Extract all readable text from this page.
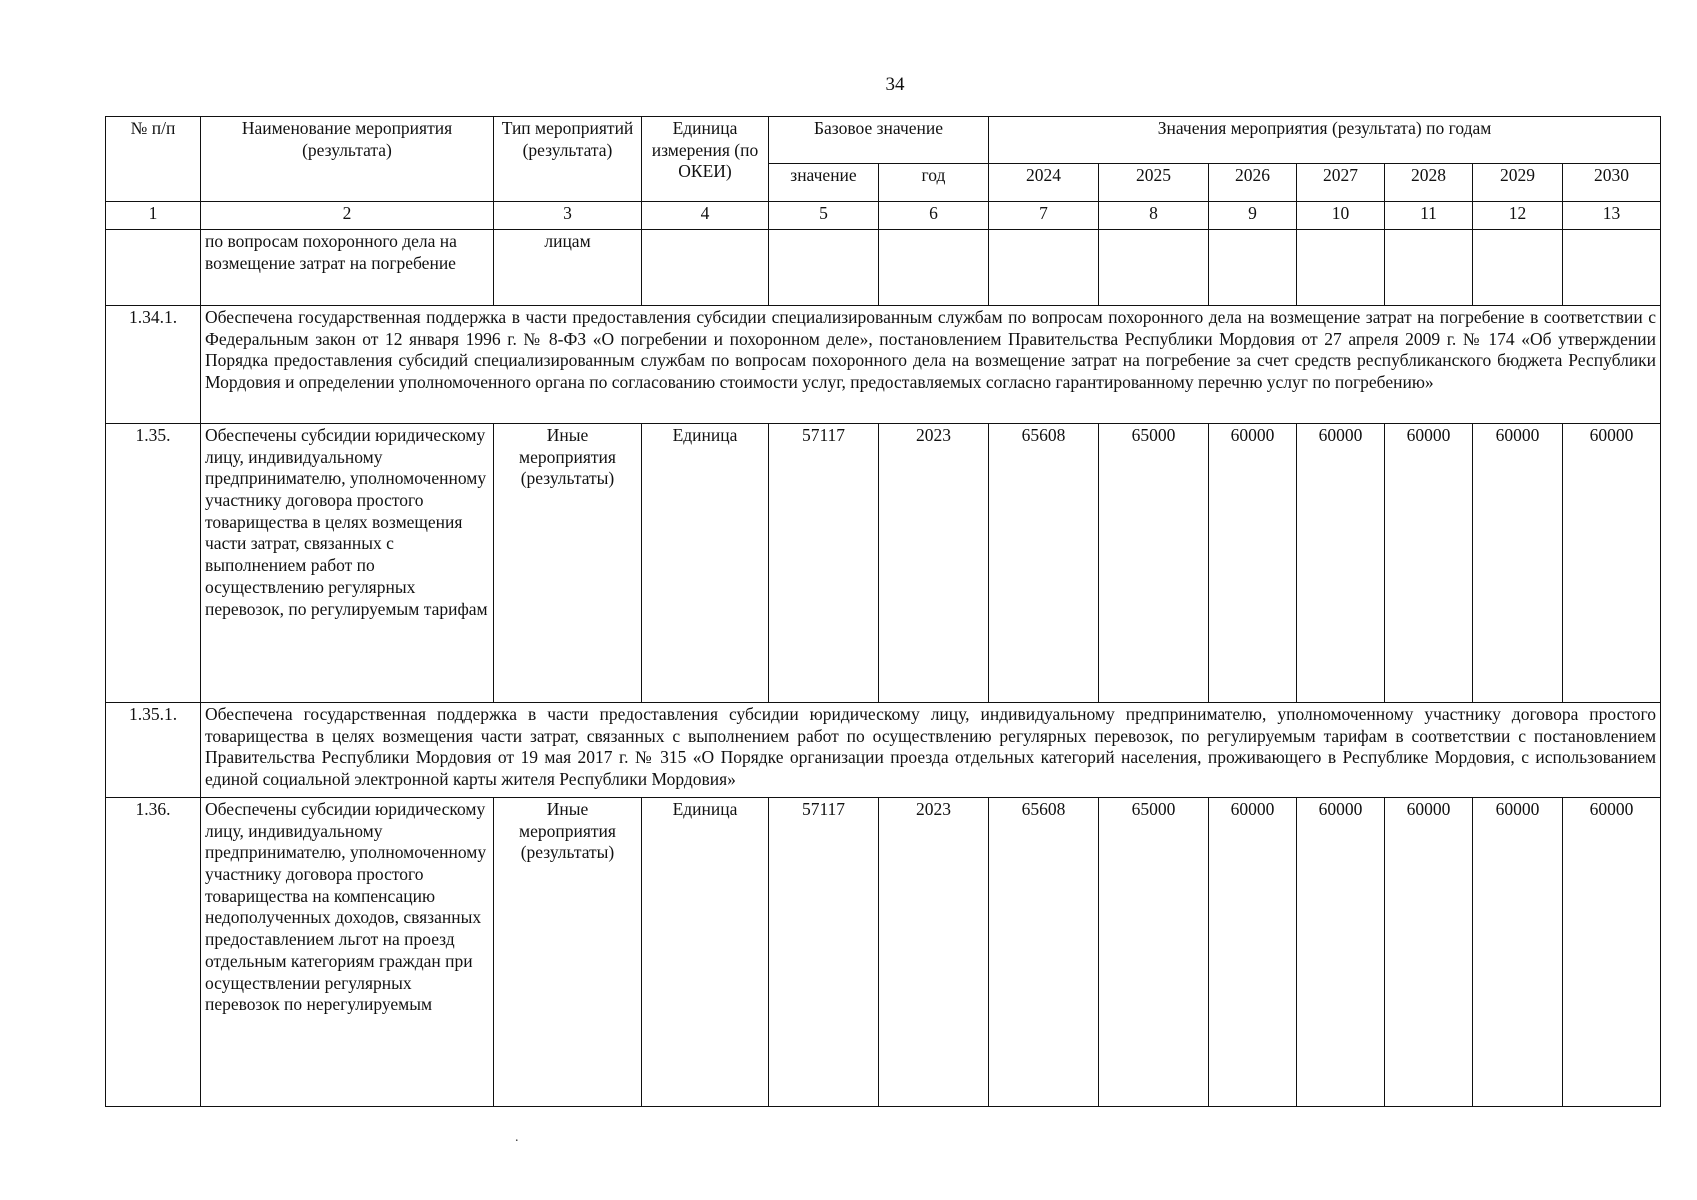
34
№ п/п	Наименование мероприятия (результата)	Тип мероприятий (результата)	Единица измерения (по ОКЕИ)	Базовое значение		Значения мероприятия (результата) по годам						
				значение	год	2024	2025	2026	2027	2028	2029	2030
1	2	3	4	5	6	7	8	9	10	11	12	13
	по вопросам похоронного дела на возмещение затрат на погребение	лицам										
1.34.1.	Обеспечена государственная поддержка в части предоставления субсидии специализированным службам по вопросам похоронного дела на возмещение затрат на погребение в соответствии с Федеральным закон от 12 января 1996 г. № 8-ФЗ «О погребении и похоронном деле», постановлением Правительства Республики Мордовия от 27 апреля 2009 г. № 174 «Об утверждении Порядка предоставления субсидий специализированным службам по вопросам похоронного дела на возмещение затрат на погребение за счет средств республиканского бюджета Республики Мордовия и определении уполномоченного органа по согласованию стоимости услуг, предоставляемых согласно гарантированному перечню услуг по погребению»											
1.35.	Обеспечены субсидии юридическому лицу, индивидуальному предпринимателю, уполномоченному участнику договора простого товарищества в целях возмещения части затрат, связанных с выполнением работ по осуществлению регулярных перевозок, по регулируемым тарифам	Иные мероприятия (результаты)	Единица	57117	2023	65608	65000	60000	60000	60000	60000	60000
1.35.1.	Обеспечена государственная поддержка в части предоставления субсидии юридическому лицу, индивидуальному предпринимателю, уполномоченному участнику договора простого товарищества в целях возмещения части затрат, связанных с выполнением работ по осуществлению регулярных перевозок, по регулируемым тарифам в соответствии с постановлением Правительства Республики Мордовия от 19 мая 2017 г. № 315 «О Порядке организации проезда отдельных категорий населения, проживающего в Республике Мордовия, с использованием единой социальной электронной карты жителя Республики Мордовия»											
1.36.	Обеспечены субсидии юридическому лицу, индивидуальному предпринимателю, уполномоченному участнику договора простого товарищества на компенсацию недополученных доходов, связанных предоставлением льгот на проезд отдельным категориям граждан при осуществлении регулярных перевозок по нерегулируемым	Иные мероприятия (результаты)	Единица	57117	2023	65608	65000	60000	60000	60000	60000	60000
.
